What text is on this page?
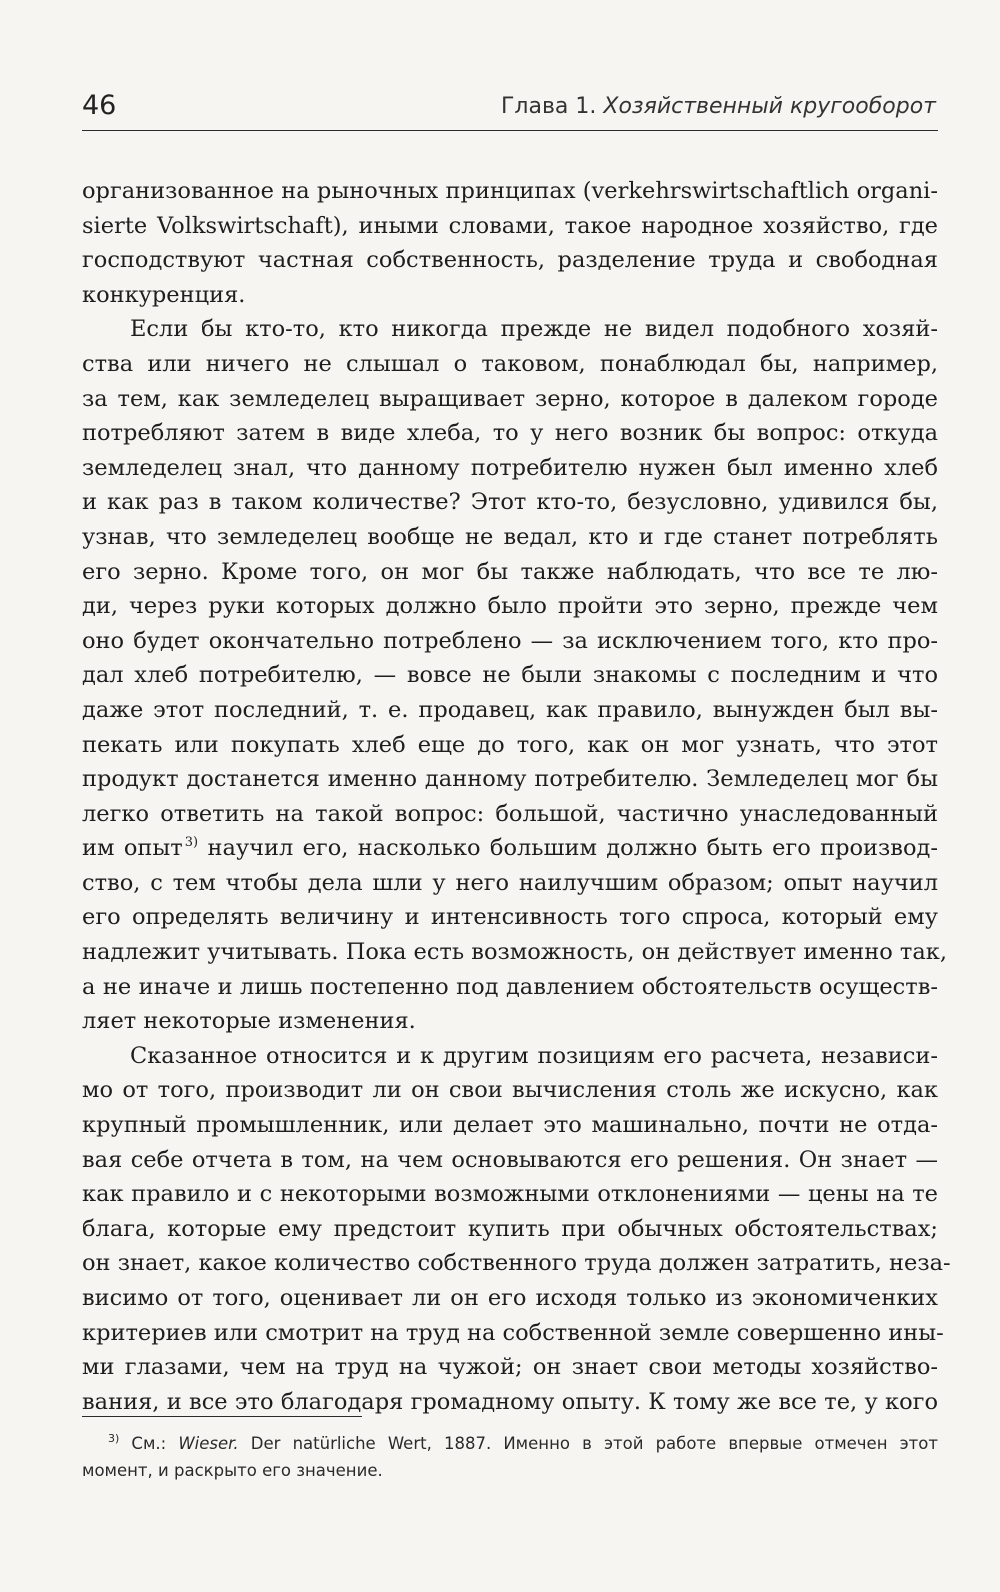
46	Глава 1. Хозяйственный кругооборот
организованное на рыночных принципах (verkehrswirtschaftlich organi-
sierte Volkswirtschaft), иными словами, такое народное хозяйство, где
господствуют частная собственность, разделение труда и свободная
конкуренция.
Если бы кто-то, кто никогда прежде не видел подобного хозяй-
ства или ничего не слышал о таковом, понаблюдал бы, например,
за тем, как земледелец выращивает зерно, которое в далеком городе
потребляют затем в виде хлеба, то у него возник бы вопрос: откуда
земледелец знал, что данному потребителю нужен был именно хлеб
и как раз в таком количестве? Этот кто-то, безусловно, удивился бы,
узнав, что земледелец вообще не ведал, кто и где станет потреблять
его зерно. Кроме того, он мог бы также наблюдать, что все те лю-
ди, через руки которых должно было пройти это зерно, прежде чем
оно будет окончательно потреблено — за исключением того, кто про-
дал хлеб потребителю, — вовсе не были знакомы с последним и что
даже этот последний, т. е. продавец, как правило, вынужден был вы-
пекать или покупать хлеб еще до того, как он мог узнать, что этот
продукт достанется именно данному потребителю. Земледелец мог бы
легко ответить на такой вопрос: большой, частично унаследованный
им опыт $^{3)}$ научил его, насколько большим должно быть его производ-
ство, с тем чтобы дела шли у него наилучшим образом; опыт научил
его определять величину и интенсивность того спроса, который ему
надлежит учитывать. Пока есть возможность, он действует именно так,
а не иначе и лишь постепенно под давлением обстоятельств осуществ-
ляет некоторые изменения.
Сказанное относится и к другим позициям его расчета, независи-
мо от того, производит ли он свои вычисления столь же искусно, как
крупный промышленник, или делает это машинально, почти не отда-
вая себе отчета в том, на чем основываются его решения. Он знает —
как правило и с некоторыми возможными отклонениями — цены на те
блага, которые ему предстоит купить при обычных обстоятельствах;
он знает, какое количество собственного труда должен затратить, неза-
висимо от того, оценивает ли он его исходя только из экономиченких
критериев или смотрит на труд на собственной земле совершенно ины-
ми глазами, чем на труд на чужой; он знает свои методы хозяйство-
вания, и все это благодаря громадному опыту. К тому же все те, у кого
$^{3)}$ См.: Wieser. Der natürliche Wert, 1887. Именно в этой работе впервые отмечен этот
момент, и раскрыто его значение.
